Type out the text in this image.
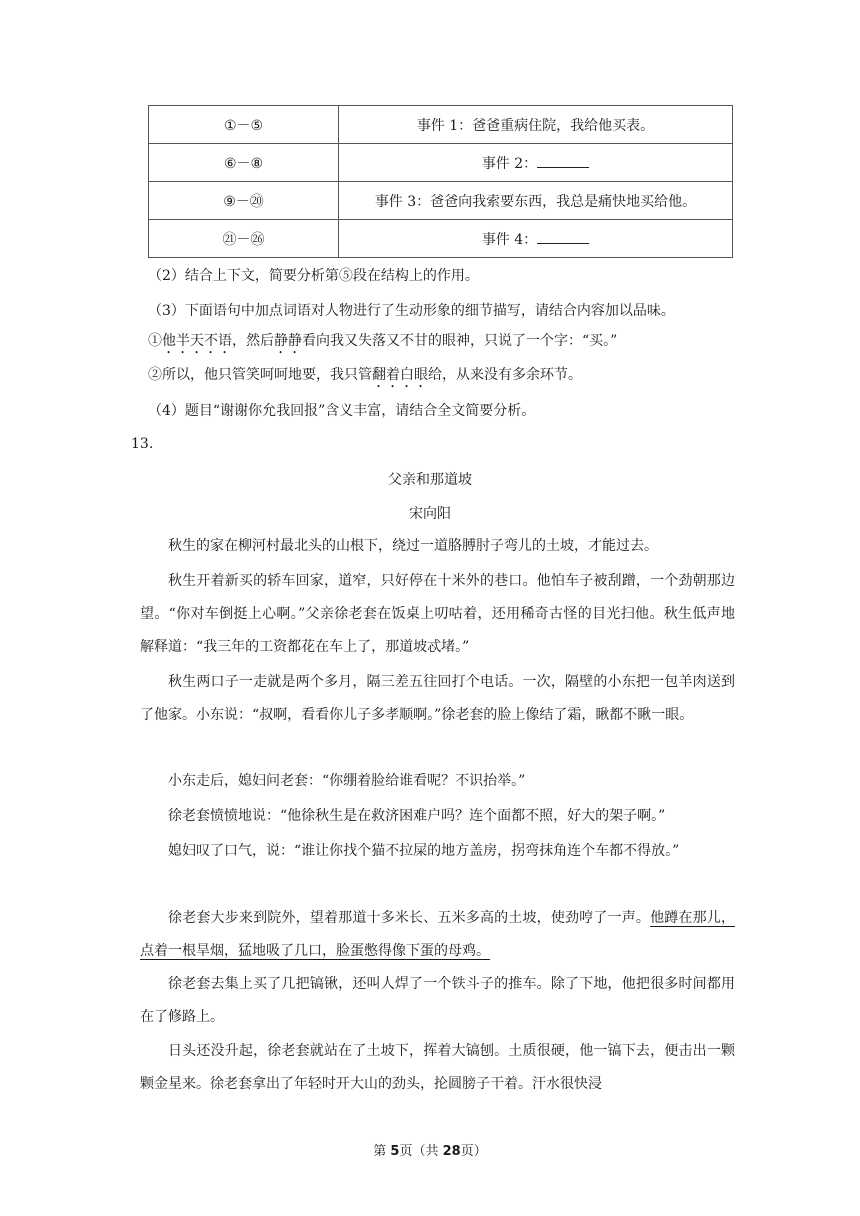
①－⑤	事件 1：爸爸重病住院，我给他买表。
⑥－⑧	事件 2：
⑨－⑳	事件 3：爸爸向我索要东西，我总是痛快地买给他。
㉑－㉖	事件 4：
（2）结合上下文，简要分析第⑤段在结构上的作用。
（3）下面语句中加点词语对人物进行了生动形象的细节描写，请结合内容加以品味。
①他半天不语，然后静静看向我又失落又不甘的眼神，只说了一个字：“买。”
②所以，他只管笑呵呵地要，我只管翻着白眼给，从来没有多余环节。
（4）题目“谢谢你允我回报”含义丰富，请结合全文简要分析。
13.
父亲和那道坡
宋向阳

秋生的家在柳河村最北头的山根下，绕过一道胳膊肘子弯儿的土坡，才能过去。

秋生开着新买的轿车回家，道窄，只好停在十米外的巷口。他怕车子被刮蹭，一个劲朝那边望。“你对车倒挺上心啊。”父亲徐老套在饭桌上叨咕着，还用稀奇古怪的目光扫他。秋生低声地解释道：“我三年的工资都花在车上了，那道坡忒堵。”

秋生两口子一走就是两个多月，隔三差五往回打个电话。一次，隔壁的小东把一包羊肉送到了他家。小东说：“叔啊，看看你儿子多孝顺啊。”徐老套的脸上像结了霜，瞅都不瞅一眼。

小东走后，媳妇问老套：“你绷着脸给谁看呢？不识抬举。”

徐老套愤愤地说：“他徐秋生是在救济困难户吗？连个面都不照，好大的架子啊。”

媳妇叹了口气，说：“谁让你找个猫不拉屎的地方盖房，拐弯抹角连个车都不得放。”

徐老套大步来到院外，望着那道十多米长、五米多高的土坡，使劲哼了一声。他蹲在那儿，点着一根旱烟，猛地吸了几口，脸蛋憋得像下蛋的母鸡。

徐老套去集上买了几把镐锹，还叫人焊了一个铁斗子的推车。除了下地，他把很多时间都用在了修路上。

日头还没升起，徐老套就站在了土坡下，挥着大镐刨。土质很硬，他一镐下去，便击出一颗颗金星来。徐老套拿出了年轻时开大山的劲头，抡圆膀子干着。汗水很快浸

第 5页（共 28页）
